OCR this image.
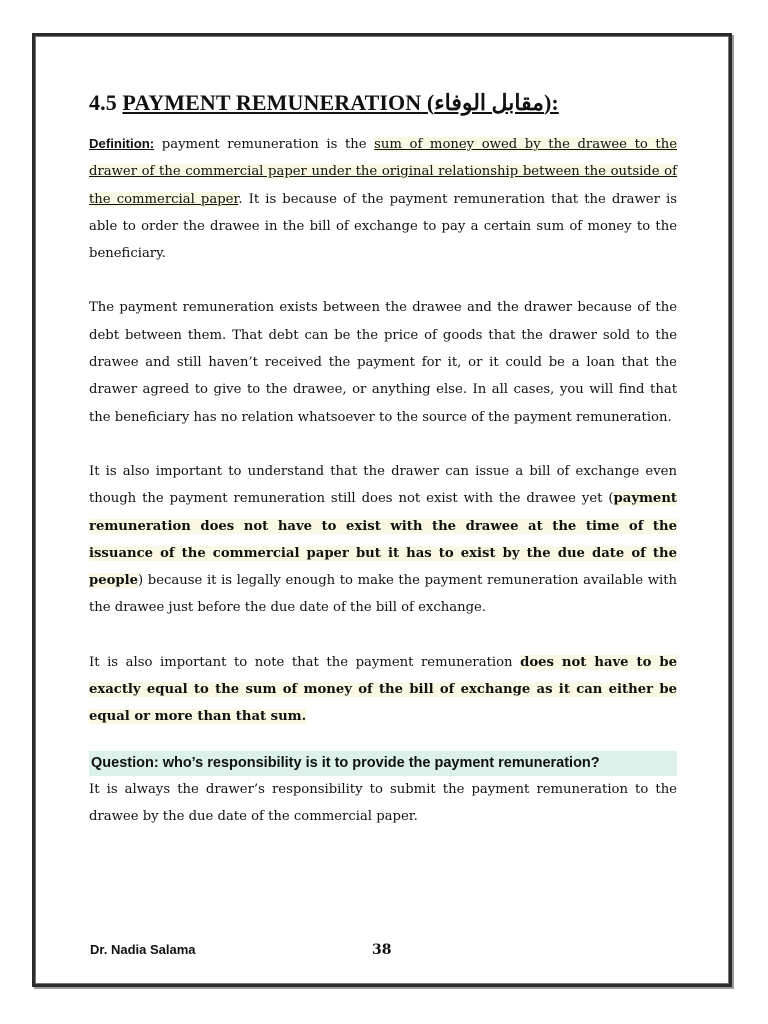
4.5 PAYMENT REMUNERATION (مقابل الوفاء):

Definition: payment remuneration is the sum of money owed by the drawee to the drawer of the commercial paper under the original relationship between the outside of the commercial paper. It is because of the payment remuneration that the drawer is able to order the drawee in the bill of exchange to pay a certain sum of money to the beneficiary.

The payment remuneration exists between the drawee and the drawer because of the debt between them. That debt can be the price of goods that the drawer sold to the drawee and still haven’t received the payment for it, or it could be a loan that the drawer agreed to give to the drawee, or anything else. In all cases, you will find that the beneficiary has no relation whatsoever to the source of the payment remuneration.

It is also important to understand that the drawer can issue a bill of exchange even though the payment remuneration still does not exist with the drawee yet (payment remuneration does not have to exist with the drawee at the time of the issuance of the commercial paper but it has to exist by the due date of the people) because it is legally enough to make the payment remuneration available with the drawee just before the due date of the bill of exchange.

It is also important to note that the payment remuneration does not have to be exactly equal to the sum of money of the bill of exchange as it can either be equal or more than that sum.

Question: who’s responsibility is it to provide the payment remuneration?

It is always the drawer’s responsibility to submit the payment remuneration to the drawee by the due date of the commercial paper.

Dr. Nadia Salama	38
